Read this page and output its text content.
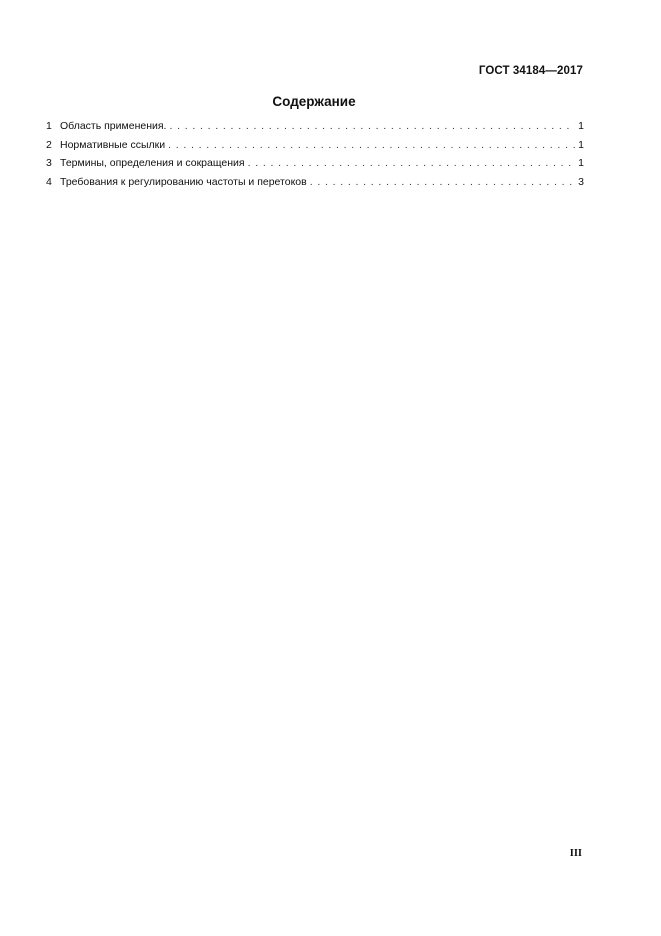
ГОСТ 34184—2017
Содержание
1 Область применения. . . .	1
2 Нормативные ссылки . . .	1
3 Термины, определения и сокращения . . .	1
4 Требования к регулированию частоты и перетоков . . .	3
III
